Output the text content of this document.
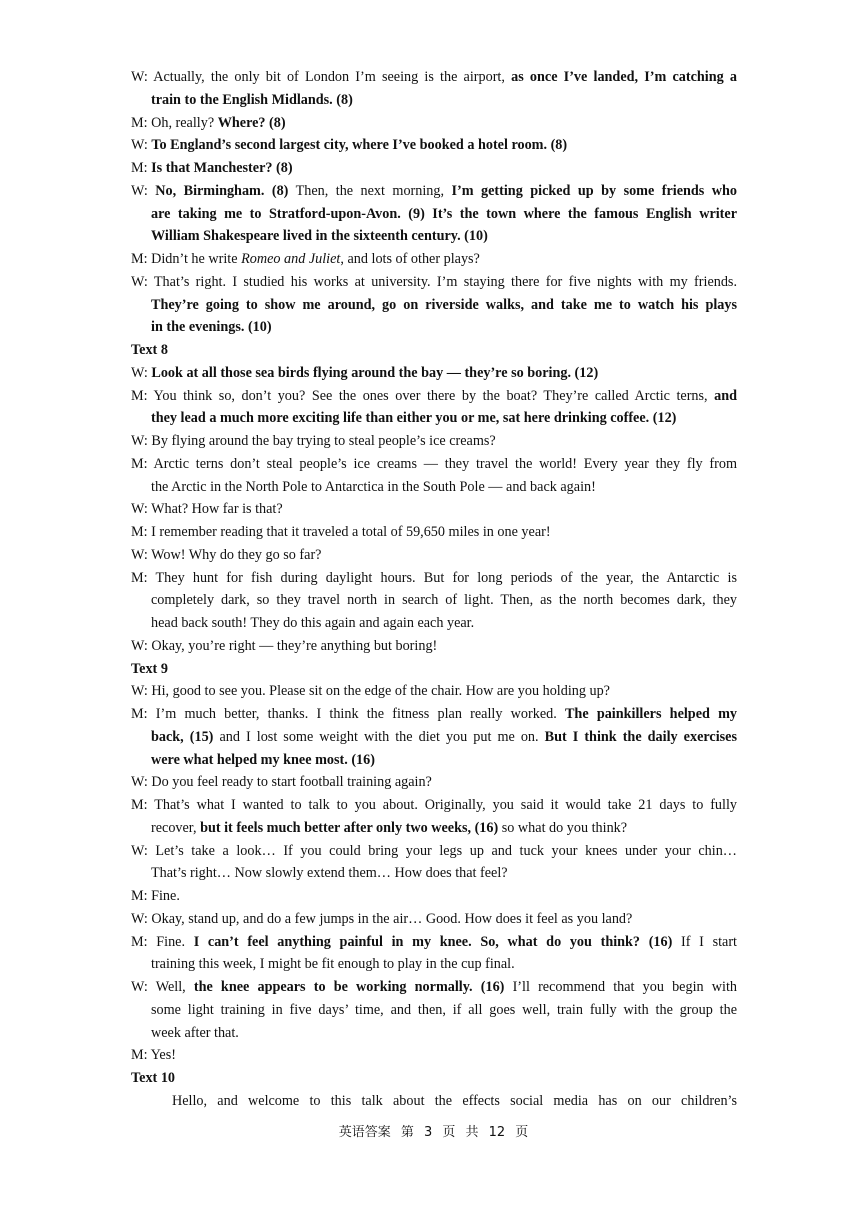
W: Actually, the only bit of London I’m seeing is the airport, as once I’ve landed, I’m catching a
train to the English Midlands. (8)
M: Oh, really? Where? (8)
W: To England’s second largest city, where I’ve booked a hotel room. (8)
M: Is that Manchester? (8)
W: No, Birmingham. (8) Then, the next morning, I’m getting picked up by some friends who
are taking me to Stratford-upon-Avon. (9) It’s the town where the famous English writer
William Shakespeare lived in the sixteenth century. (10)
M: Didn’t he write Romeo and Juliet, and lots of other plays?
W: That’s right. I studied his works at university. I’m staying there for five nights with my friends.
They’re going to show me around, go on riverside walks, and take me to watch his plays
in the evenings. (10)
Text 8
W: Look at all those sea birds flying around the bay — they’re so boring. (12)
M: You think so, don’t you? See the ones over there by the boat? They’re called Arctic terns, and
they lead a much more exciting life than either you or me, sat here drinking coffee. (12)
W: By flying around the bay trying to steal people’s ice creams?
M: Arctic terns don’t steal people’s ice creams — they travel the world! Every year they fly from
the Arctic in the North Pole to Antarctica in the South Pole — and back again!
W: What? How far is that?
M: I remember reading that it traveled a total of 59,650 miles in one year!
W: Wow! Why do they go so far?
M: They hunt for fish during daylight hours. But for long periods of the year, the Antarctic is
completely dark, so they travel north in search of light. Then, as the north becomes dark, they
head back south! They do this again and again each year.
W: Okay, you’re right — they’re anything but boring!
Text 9
W: Hi, good to see you. Please sit on the edge of the chair. How are you holding up?
M: I’m much better, thanks. I think the fitness plan really worked. The painkillers helped my
back, (15) and I lost some weight with the diet you put me on. But I think the daily exercises
were what helped my knee most. (16)
W: Do you feel ready to start football training again?
M: That’s what I wanted to talk to you about. Originally, you said it would take 21 days to fully
recover, but it feels much better after only two weeks, (16) so what do you think?
W: Let’s take a look… If you could bring your legs up and tuck your knees under your chin…
That’s right… Now slowly extend them… How does that feel?
M: Fine.
W: Okay, stand up, and do a few jumps in the air… Good. How does it feel as you land?
M: Fine. I can’t feel anything painful in my knee. So, what do you think? (16) If I start
training this week, I might be fit enough to play in the cup final.
W: Well, the knee appears to be working normally. (16) I’ll recommend that you begin with
some light training in five days’ time, and then, if all goes well, train fully with the group the
week after that.
M: Yes!
Text 10
Hello, and welcome to this talk about the effects social media has on our children’s
英语答案 第 3 页 共 12 页
